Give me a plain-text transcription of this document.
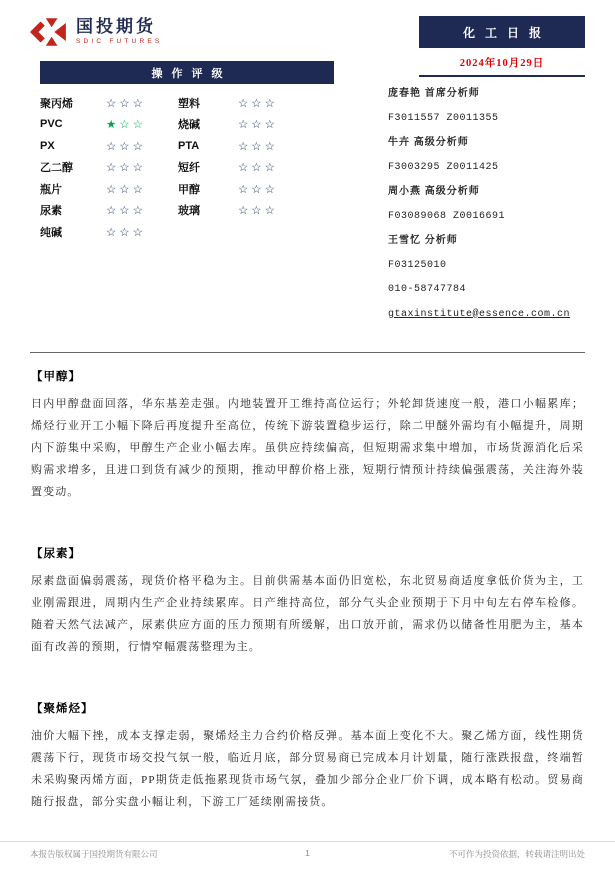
国投期货
SDIC FUTURES
化工日报
2024年10月29日
操作评级
聚丙烯	☆☆☆	塑料	☆☆☆
PVC	★☆☆	烧碱	☆☆☆
PX	☆☆☆	PTA	☆☆☆
乙二醇	☆☆☆	短纤	☆☆☆
瓶片	☆☆☆	甲醇	☆☆☆
尿素	☆☆☆	玻璃	☆☆☆
纯碱	☆☆☆
庞春艳 首席分析师
F3011557 Z0011355
牛卉 高级分析师
F3003295 Z0011425
周小燕 高级分析师
F03089068 Z0016691
王雪忆 分析师
F03125010
010-58747784
gtaxinstitute@essence.com.cn
【甲醇】
日内甲醇盘面回落，华东基差走强。内地装置开工维持高位运行；外轮卸货速度一般，港口小幅累库；烯烃行业开工小幅下降后再度提升至高位，传统下游装置稳步运行，除二甲醚外需均有小幅提升，周期内下游集中采购，甲醇生产企业小幅去库。虽供应持续偏高，但短期需求集中增加，市场货源消化后采购需求增多，且进口到货有减少的预期，推动甲醇价格上涨，短期行情预计持续偏强震荡，关注海外装置变动。
【尿素】
尿素盘面偏弱震荡，现货价格平稳为主。目前供需基本面仍旧宽松，东北贸易商适度拿低价货为主，工业刚需跟进，周期内生产企业持续累库。日产维持高位，部分气头企业预期于下月中旬左右停车检修。随着天然气法减产，尿素供应方面的压力预期有所缓解，出口放开前，需求仍以储备性用肥为主，基本面有改善的预期，行情窄幅震荡整理为主。
【聚烯烃】
油价大幅下挫，成本支撑走弱，聚烯烃主力合约价格反弹。基本面上变化不大。聚乙烯方面，线性期货震荡下行，现货市场交投气氛一般，临近月底，部分贸易商已完成本月计划量，随行涨跌报盘，终端暂未采购聚丙烯方面，PP期货走低拖累现货市场气氛，叠加少部分企业厂价下调，成本略有松动。贸易商随行报盘，部分实盘小幅让利，下游工厂延续刚需接货。
本报告版权属于国投期货有限公司	1	不可作为投资依据，转载请注明出处
